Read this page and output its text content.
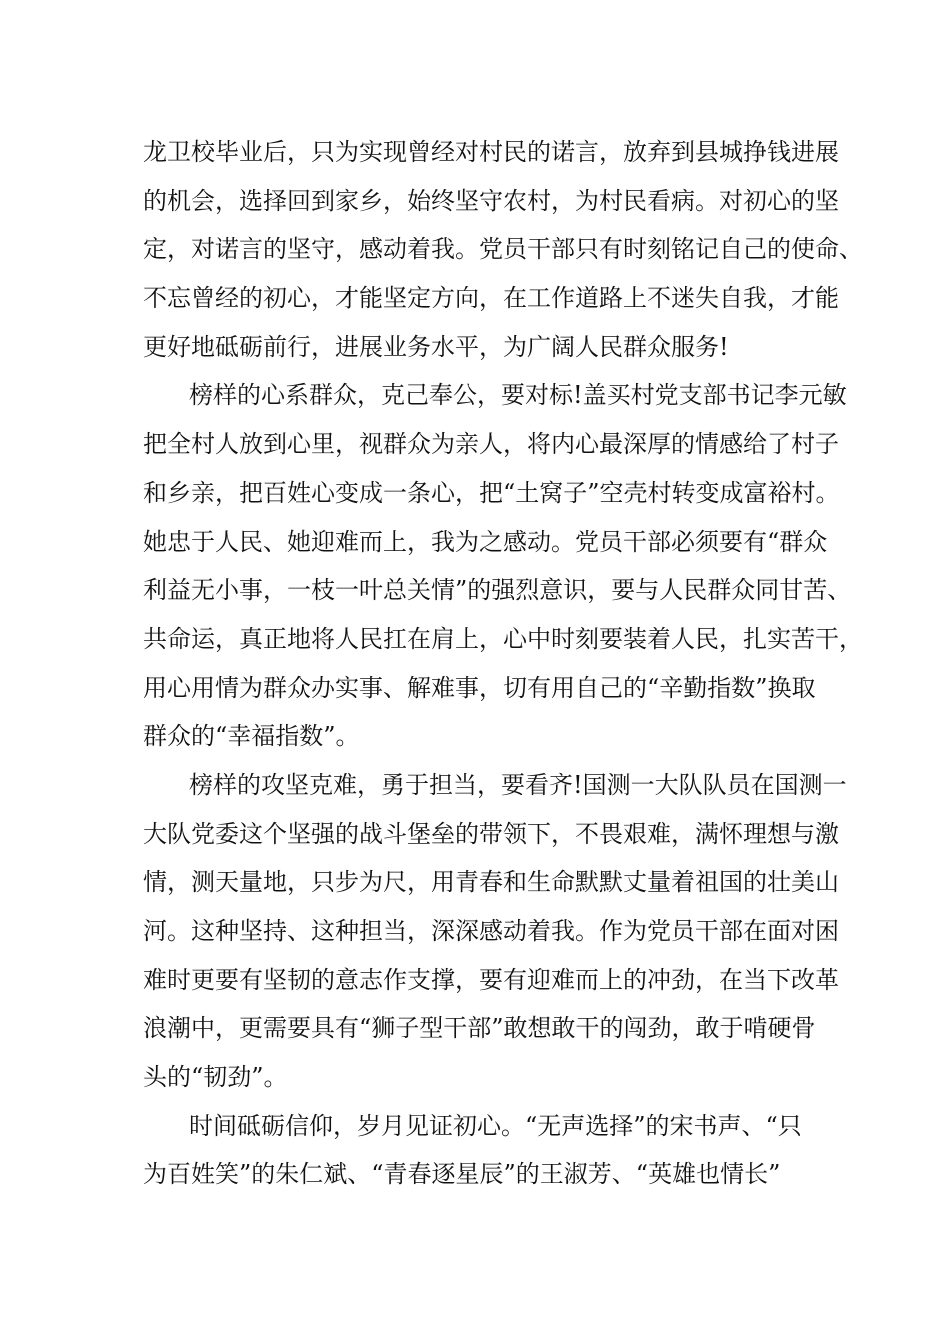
龙卫校毕业后，只为实现曾经对村民的诺言，放弃到县城挣钱进展
的机会，选择回到家乡，始终坚守农村，为村民看病。对初心的坚
定，对诺言的坚守，感动着我。党员干部只有时刻铭记自己的使命、
不忘曾经的初心，才能坚定方向，在工作道路上不迷失自我，才能
更好地砥砺前行，进展业务水平，为广阔人民群众服务!
榜样的心系群众，克己奉公，要对标!盖买村党支部书记李元敏
把全村人放到心里，视群众为亲人，将内心最深厚的情感给了村子
和乡亲，把百姓心变成一条心，把“土窝子”空壳村转变成富裕村。
她忠于人民、她迎难而上，我为之感动。党员干部必须要有“群众
利益无小事，一枝一叶总关情”的强烈意识，要与人民群众同甘苦、
共命运，真正地将人民扛在肩上，心中时刻要装着人民，扎实苦干，
用心用情为群众办实事、解难事，切有用自己的“辛勤指数”换取
群众的“幸福指数”。
榜样的攻坚克难，勇于担当，要看齐!国测一大队队员在国测一
大队党委这个坚强的战斗堡垒的带领下，不畏艰难，满怀理想与激
情，测天量地，只步为尺，用青春和生命默默丈量着祖国的壮美山
河。这种坚持、这种担当，深深感动着我。作为党员干部在面对困
难时更要有坚韧的意志作支撑，要有迎难而上的冲劲，在当下改革
浪潮中，更需要具有“狮子型干部”敢想敢干的闯劲，敢于啃硬骨
头的“韧劲”。
时间砥砺信仰，岁月见证初心。“无声选择”的宋书声、“只
为百姓笑”的朱仁斌、“青春逐星辰”的王淑芳、“英雄也情长”
